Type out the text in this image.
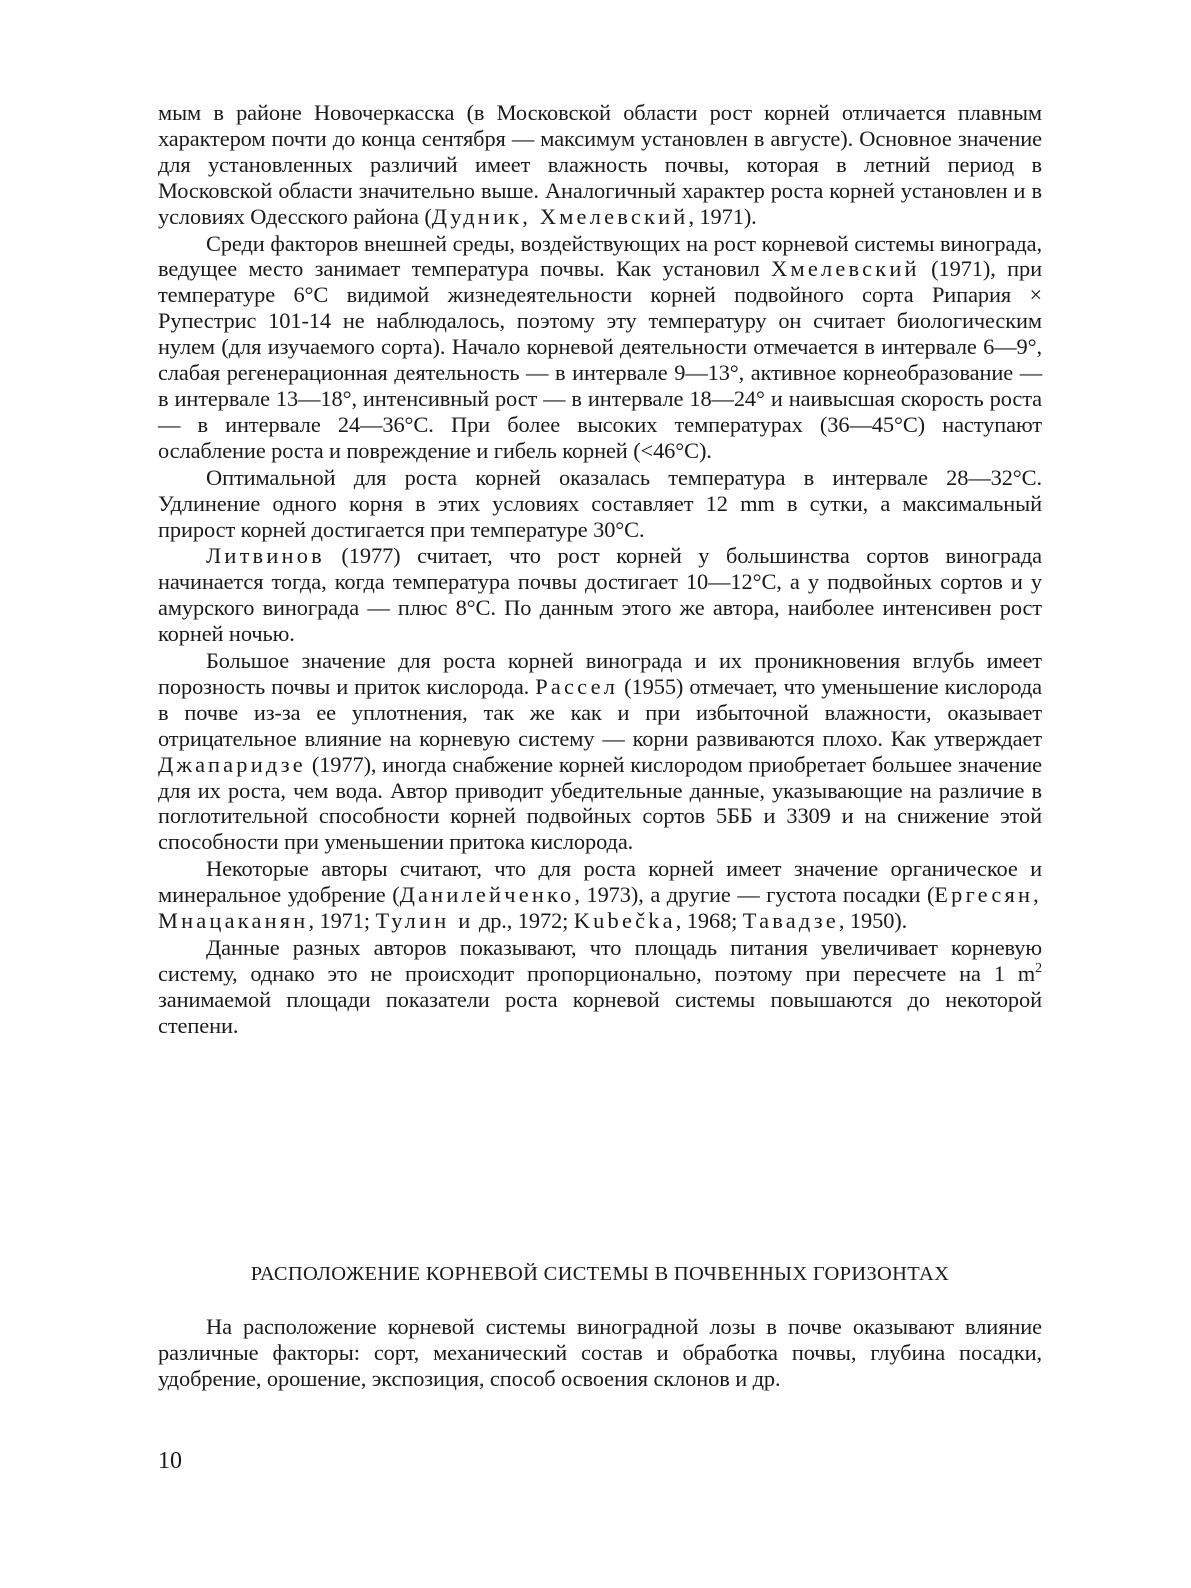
мым в районе Новочеркасска (в Московской области рост корней отличается плавным характером почти до конца сентября — максимум установлен в августе). Основное значение для установленных различий имеет влажность почвы, которая в летний период в Московской области значительно выше. Аналогичный характер роста корней установлен и в условиях Одесского района (Дудник, Хмелевский, 1971).

Среди факторов внешней среды, воздействующих на рост корневой системы винограда, ведущее место занимает температура почвы. Как установил Хмелевский (1971), при температуре 6°С видимой жизнедеятельности корней подвойного сорта Рипария × Рупестрис 101-14 не наблюдалось, поэтому эту температуру он считает биологическим нулем (для изучаемого сорта). Начало корневой деятельности отмечается в интервале 6—9°, слабая регенерационная деятельность — в интервале 9—13°, активное корнеобразование — в интервале 13—18°, интенсивный рост — в интервале 18—24° и наивысшая скорость роста — в интервале 24—36°С. При более высоких температурах (36—45°С) наступают ослабление роста и повреждение и гибель корней (<46°С).

Оптимальной для роста корней оказалась температура в интервале 28—32°С. Удлинение одного корня в этих условиях составляет 12 mm в сутки, а максимальный прирост корней достигается при температуре 30°С.

Литвинов (1977) считает, что рост корней у большинства сортов винограда начинается тогда, когда температура почвы достигает 10—12°С, а у подвойных сортов и у амурского винограда — плюс 8°С. По данным этого же автора, наиболее интенсивен рост корней ночью.

Большое значение для роста корней винограда и их проникновения вглубь имеет порозность почвы и приток кислорода. Рассел (1955) отмечает, что уменьшение кислорода в почве из-за ее уплотнения, так же как и при избыточной влажности, оказывает отрицательное влияние на корневую систему — корни развиваются плохо. Как утверждает Джапаридзе (1977), иногда снабжение корней кислородом приобретает большее значение для их роста, чем вода. Автор приводит убедительные данные, указывающие на различие в поглотительной способности корней подвойных сортов 5ББ и 3309 и на снижение этой способности при уменьшении притока кислорода.

Некоторые авторы считают, что для роста корней имеет значение органическое и минеральное удобрение (Данилейченко, 1973), а другие — густота посадки (Ергесян, Мнацаканян, 1971; Тулин и др., 1972; Kubečka, 1968; Тавадзе, 1950).

Данные разных авторов показывают, что площадь питания увеличивает корневую систему, однако это не происходит пропорционально, поэтому при пересчете на 1 $m^2$ занимаемой площади показатели роста корневой системы повышаются до некоторой степени.

РАСПОЛОЖЕНИЕ КОРНЕВОЙ СИСТЕМЫ В ПОЧВЕННЫХ ГОРИЗОНТАХ

На расположение корневой системы виноградной лозы в почве оказывают влияние различные факторы: сорт, механический состав и обработка почвы, глубина посадки, удобрение, орошение, экспозиция, способ освоения склонов и др.

10
